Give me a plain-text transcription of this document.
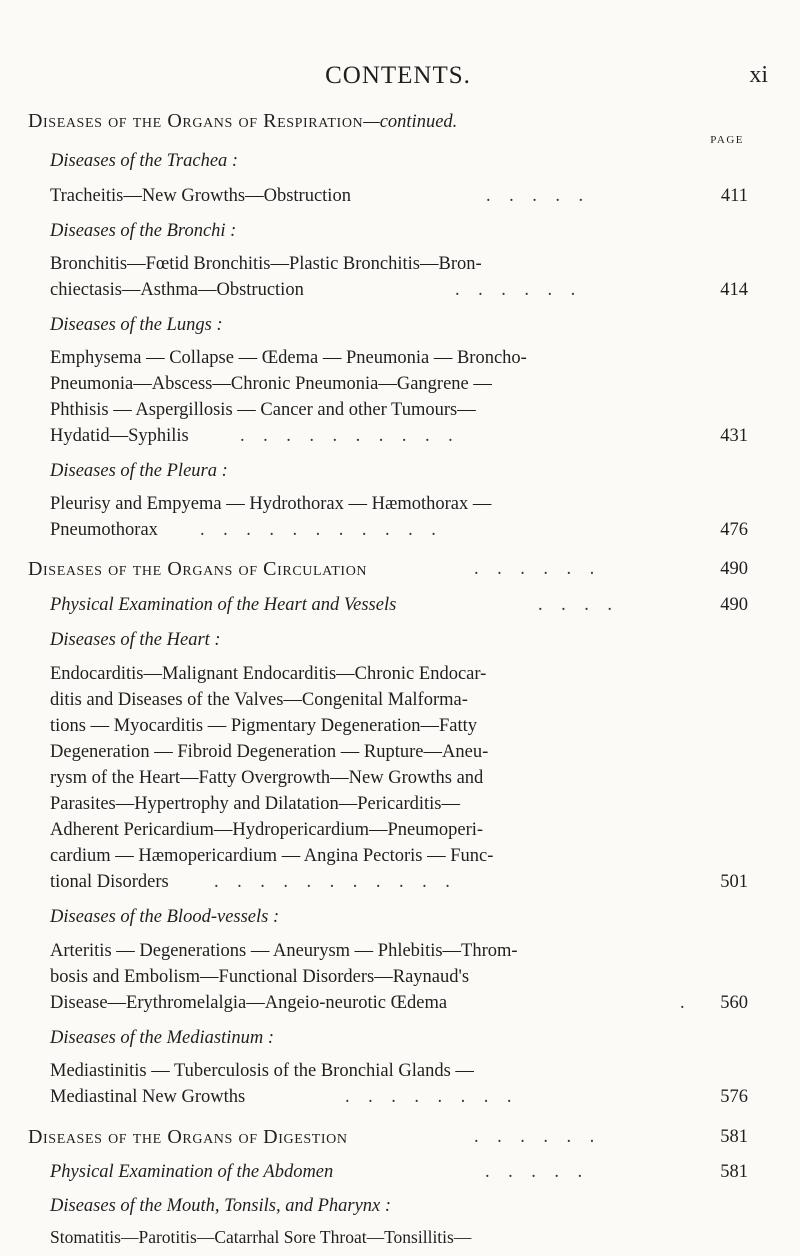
CONTENTS.	xi
Diseases of the Organs of Respiration—continued.
PAGE
Diseases of the Trachea :
Tracheitis—New Growths—Obstruction	.    .    .    .    .	411
Diseases of the Bronchi :
Bronchitis—Fœtid Bronchitis—Plastic Bronchitis—Bron-
chiectasis—Asthma—Obstruction	.    .    .    .    .    .	414
Diseases of the Lungs :
Emphysema — Collapse — Œdema — Pneumonia — Broncho-
Pneumonia—Abscess—Chronic Pneumonia—Gangrene —
Phthisis — Aspergillosis — Cancer and other Tumours—
Hydatid—Syphilis	.    .    .    .    .    .    .    .    .    .	431
Diseases of the Pleura :
Pleurisy and Empyema — Hydrothorax — Hæmothorax —
Pneumothorax .    .    .    .    .    .    .    .    .    .    .	476
Diseases of the Organs of Circulation	.    .    .    .    .    .	490
Physical Examination of the Heart and Vessels	.    .    .    .	490
Diseases of the Heart :
Endocarditis—Malignant Endocarditis—Chronic Endocar-
ditis and Diseases of the Valves—Congenital Malforma-
tions — Myocarditis — Pigmentary Degeneration—Fatty
Degeneration — Fibroid Degeneration — Rupture—Aneu-
rysm of the Heart—Fatty Overgrowth—New Growths and
Parasites—Hypertrophy and Dilatation—Pericarditis—
Adherent Pericardium—Hydropericardium—Pneumoperi-
cardium — Hæmopericardium — Angina Pectoris — Func-
tional Disorders .    .    .    .    .    .    .    .    .    .    .	501
Diseases of the Blood-vessels :
Arteritis — Degenerations — Aneurysm — Phlebitis—Throm-
bosis and Embolism—Functional Disorders—Raynaud's
Disease—Erythromelalgia—Angeio-neurotic Œdema	. 560
Diseases of the Mediastinum :
Mediastinitis — Tuberculosis of the Bronchial Glands —
Mediastinal New Growths	.    .    .    .    .    .    .    .	576
Diseases of the Organs of Digestion	.    .    .    .    .    .	581
Physical Examination of the Abdomen	.    .    .    .    .	581
Diseases of the Mouth, Tonsils, and Pharynx :
Stomatitis—Parotitis—Catarrhal Sore Throat—Tonsillitis—
